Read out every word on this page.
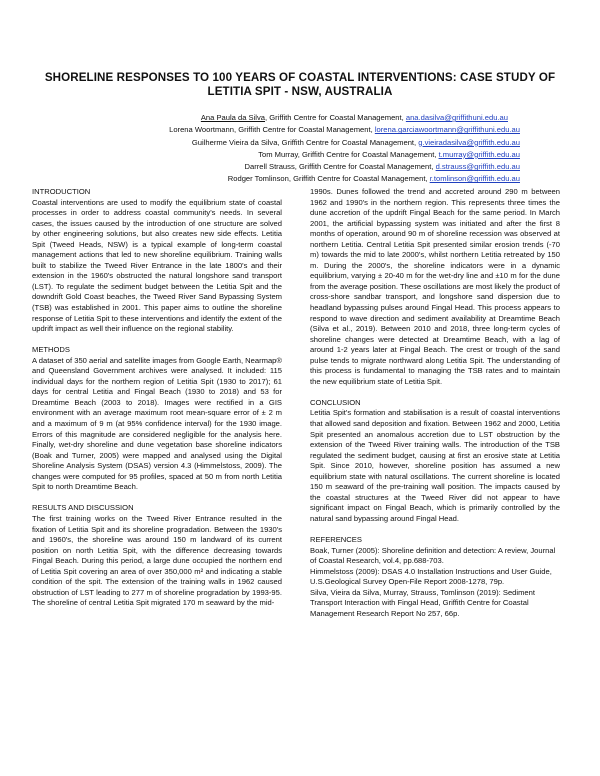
SHORELINE RESPONSES TO 100 YEARS OF COASTAL INTERVENTIONS: CASE STUDY OF LETITIA SPIT - NSW, AUSTRALIA
Ana Paula da Silva, Griffith Centre for Coastal Management, ana.dasilva@griffithuni.edu.au
Lorena Woortmann, Griffith Centre for Coastal Management, lorena.garciawoortmann@griffithuni.edu.au
Guilherme Vieira da Silva, Griffith Centre for Coastal Management, g.vieiradasilva@griffith.edu.au
Tom Murray, Griffith Centre for Coastal Management, t.murray@griffith.edu.au
Darrell Strauss, Griffith Centre for Coastal Management, d.strauss@griffith.edu.au
Rodger Tomlinson, Griffith Centre for Coastal Management, r.tomlinson@griffith.edu.au
INTRODUCTION

Coastal interventions are used to modify the equilibrium state of coastal processes in order to address coastal community's needs. In several cases, the issues caused by the introduction of one structure are solved by other engineering solutions, but also creates new side effects. Letitia Spit (Tweed Heads, NSW) is a typical example of long-term coastal management actions that led to new shoreline equilibrium. Training walls built to stabilize the Tweed River Entrance in the late 1800's and their extension in the 1960's obstructed the natural longshore sand transport (LST). To regulate the sediment budget between the Letitia Spit and the downdrift Gold Coast beaches, the Tweed River Sand Bypassing System (TSB) was established in 2001. This paper aims to outline the shoreline response of Letitia Spit to these interventions and identify the extent of the updrift impact as well their influence on the regional stability.

METHODS

A dataset of 350 aerial and satellite images from Google Earth, Nearmap® and Queensland Government archives were analysed. It included: 115 individual days for the northern region of Letitia Spit (1930 to 2017); 61 days for central Letitia and Fingal Beach (1930 to 2018) and 53 for Dreamtime Beach (2003 to 2018). Images were rectified in a GIS environment with an average maximum root mean-square error of ± 2 m and a maximum of 9 m (at 95% confidence interval) for the 1930 image. Errors of this magnitude are considered negligible for the analysis here. Finally, wet-dry shoreline and dune vegetation base shoreline indicators (Boak and Turner, 2005) were mapped and analysed using the Digital Shoreline Analysis System (DSAS) version 4.3 (Himmelstoss, 2009). The changes were computed for 95 profiles, spaced at 50 m from north Letitia Spit to north Dreamtime Beach.

RESULTS AND DISCUSSION

The first training works on the Tweed River Entrance resulted in the fixation of Letitia Spit and its shoreline progradation. Between the 1930's and 1960's, the shoreline was around 150 m landward of its current position on north Letitia Spit, with the difference decreasing towards Fingal Beach. During this period, a large dune occupied the northern end of Letitia Spit covering an area of over 350,000 m² and indicating a stable condition of the spit. The extension of the training walls in 1962 caused obstruction of LST leading to 277 m of shoreline progradation by 1993-95. The shoreline of central Letitia Spit migrated 170 m seaward by the mid-

1990s. Dunes followed the trend and accreted around 290 m between 1962 and 1990's in the northern region. This represents three times the dune accretion of the updrift Fingal Beach for the same period. In March 2001, the artificial bypassing system was initiated and after the first 8 months of operation, around 90 m of shoreline recession was observed at northern Letitia. Central Letitia Spit presented similar erosion trends (-70 m) towards the mid to late 2000's, whilst northern Letitia retreated by 150 m. During the 2000's, the shoreline indicators were in a dynamic equilibrium, varying ± 20-40 m for the wet-dry line and ±10 m for the dune from the average position. These oscillations are most likely the product of cross-shore sandbar transport, and longshore sand dispersion due to headland bypassing pulses around Fingal Head. This process appears to respond to wave direction and sediment availability at Dreamtime Beach (Silva et al., 2019). Between 2010 and 2018, three long-term cycles of shoreline changes were detected at Dreamtime Beach, with a lag of around 1-2 years later at Fingal Beach. The crest or trough of the sand pulse tends to migrate northward along Letitia Spit. The understanding of this process is fundamental to managing the TSB rates and to maintain the new equilibrium state of Letitia Spit.

CONCLUSION

Letitia Spit's formation and stabilisation is a result of coastal interventions that allowed sand deposition and fixation. Between 1962 and 2000, Letitia Spit presented an anomalous accretion due to LST obstruction by the extension of the Tweed River training walls. The introduction of the TSB regulated the sediment budget, causing at first an erosive state at Letitia Spit. Since 2010, however, shoreline position has assumed a new equilibrium state with natural oscillations. The current shoreline is located 150 m seaward of the pre-training wall position. The impacts caused by the coastal structures at the Tweed River did not appear to have significant impact on Fingal Beach, which is primarily controlled by the natural sand bypassing around Fingal Head.

REFERENCES

Boak, Turner (2005): Shoreline definition and detection: A review, Journal of Coastal Research, vol.4, pp.688-703.

Himmelstoss (2009): DSAS 4.0 Installation Instructions and User Guide, U.S.Geological Survey Open-File Report 2008-1278, 79p.

Silva, Vieira da Silva, Murray, Strauss, Tomlinson (2019): Sediment Transport Interaction with Fingal Head, Griffith Centre for Coastal Management Research Report No 257, 66p.
